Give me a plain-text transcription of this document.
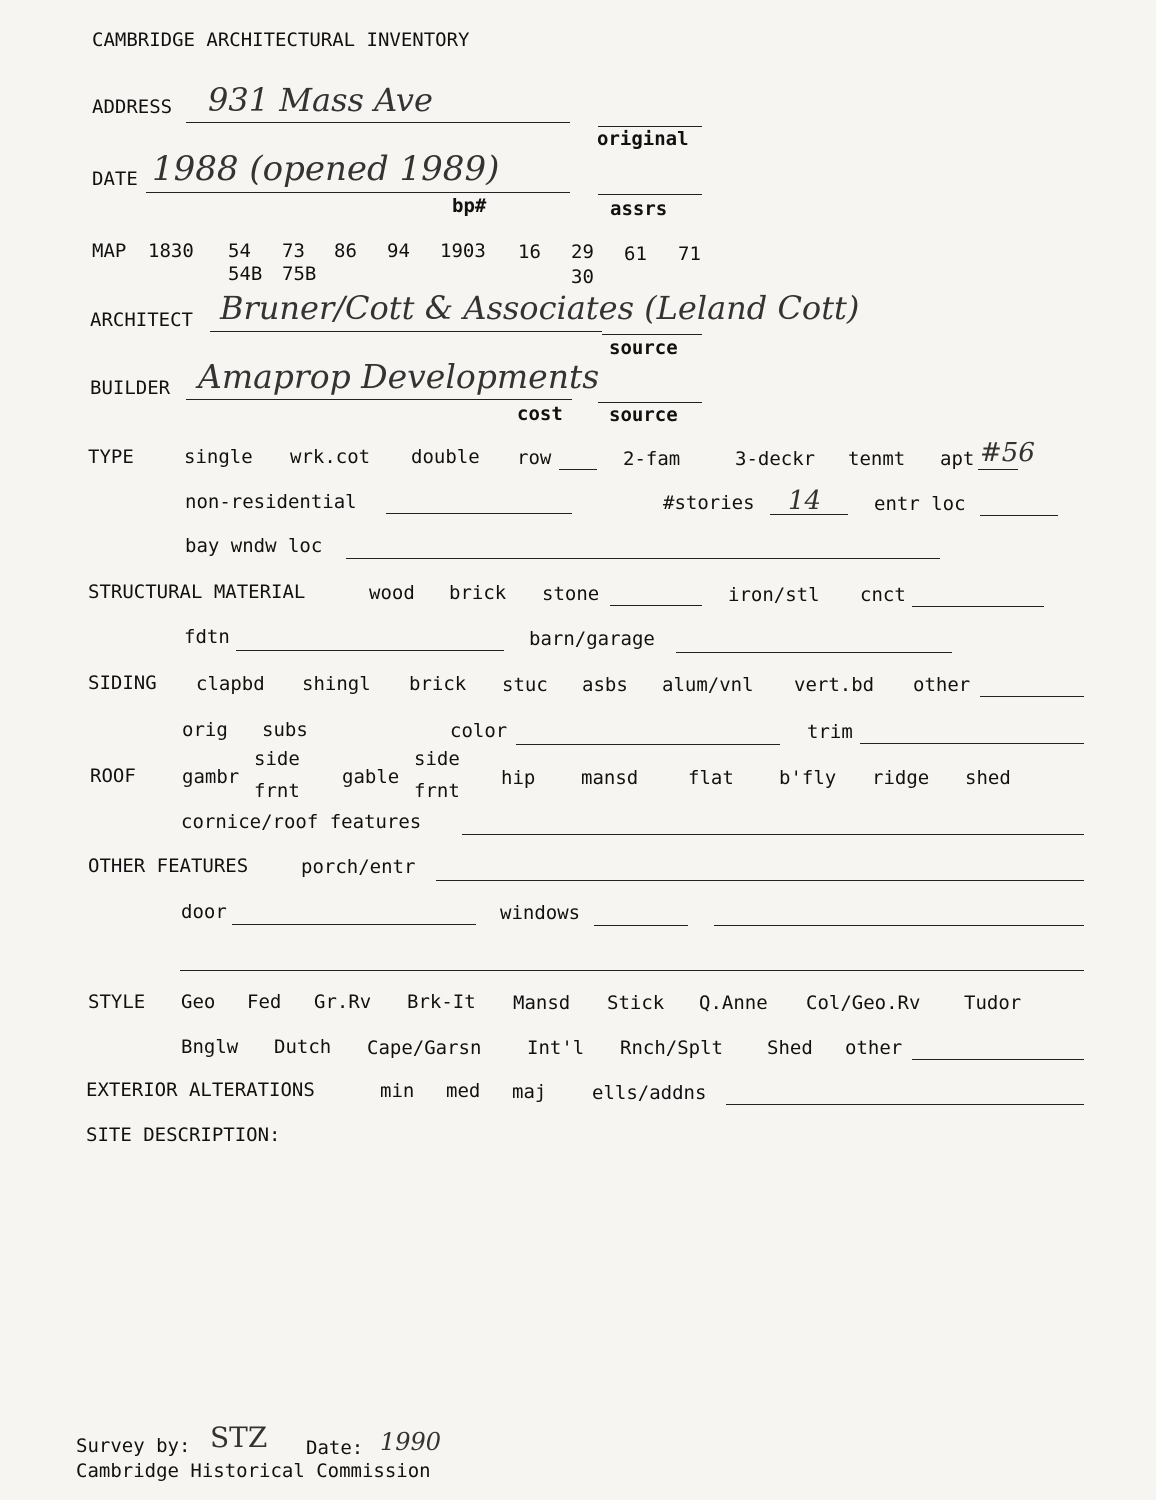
CAMBRIDGE ARCHITECTURAL INVENTORY
ADDRESS 931 Mass Ave
original
DATE 1988 (opened 1989)
bp#	assrs
MAP 1830 54 73 86 94 1903 16 29 61 71
54B 75B	30
ARCHITECT Bruner/Cott & Associates (Leland Cott)
source
BUILDER Amaprop Developments
cost source
TYPE	single wrk.cot double row	2-fam	3-deckr tenmt apt #56
non-residential	#stories 14	entr loc
bay wndw loc
STRUCTURAL MATERIAL	wood brick stone	iron/stl cnct
fdtn	barn/garage
SIDING clapbd shingl brick stuc asbs alum/vnl vert.bd other
orig subs	color	trim
ROOF gambr
side
frnt
gable
side
frnt
hip mansd	flat b'fly ridge shed
cornice/roof features
OTHER FEATURES	porch/entr
door	windows
STYLE Geo Fed Gr.Rv Brk-It Mansd Stick Q.Anne Col/Geo.Rv Tudor
Bnglw Dutch Cape/Garsn Int'l Rnch/Splt Shed other
EXTERIOR ALTERATIONS	min med maj ells/addns
SITE DESCRIPTION:
Survey by: STZ Date: 1990
Cambridge Historical Commission
